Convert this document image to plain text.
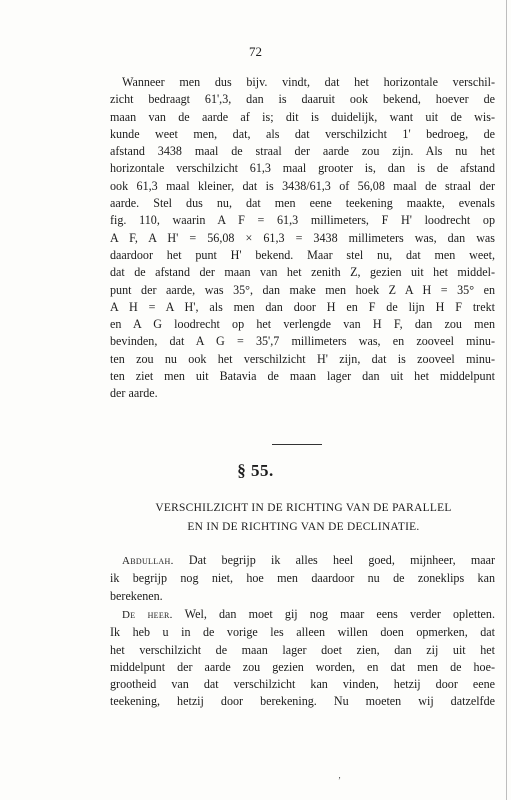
72
Wanneer men dus bijv. vindt, dat het horizontale verschil-
zicht bedraagt 61',3, dan is daaruit ook bekend, hoever de
maan van de aarde af is; dit is duidelijk, want uit de wis-
kunde weet men, dat, als dat verschilzicht 1' bedroeg, de
afstand 3438 maal de straal der aarde zou zijn. Als nu het
horizontale verschilzicht 61,3 maal grooter is, dan is de afstand
ook 61,3 maal kleiner, dat is 3438/61,3 of 56,08 maal de straal der
aarde. Stel dus nu, dat men eene teekening maakte, evenals
fig. 110, waarin A F = 61,3 millimeters, F H' loodrecht op
A F, A H' = 56,08 × 61,3 = 3438 millimeters was, dan was
daardoor het punt H' bekend. Maar stel nu, dat men weet,
dat de afstand der maan van het zenith Z, gezien uit het middel-
punt der aarde, was 35°, dan make men hoek Z A H = 35° en
A H = A H', als men dan door H en F de lijn H F trekt
en A G loodrecht op het verlengde van H F, dan zou men
bevinden, dat A G = 35',7 millimeters was, en zooveel minu-
ten zou nu ook het verschilzicht H' zijn, dat is zooveel minu-
ten ziet men uit Batavia de maan lager dan uit het middelpunt
der aarde.
§ 55.
VERSCHILZICHT IN DE RICHTING VAN DE PARALLEL
EN IN DE RICHTING VAN DE DECLINATIE.
Abdullah. Dat begrijp ik alles heel goed, mijnheer, maar
ik begrijp nog niet, hoe men daardoor nu de zoneklips kan
berekenen.
De heer. Wel, dan moet gij nog maar eens verder opletten.
Ik heb u in de vorige les alleen willen doen opmerken, dat
het verschilzicht de maan lager doet zien, dan zij uit het
middelpunt der aarde zou gezien worden, en dat men de hoe-
grootheid van dat verschilzicht kan vinden, hetzij door eene
teekening, hetzij door berekening. Nu moeten wij datzelfde
‚
